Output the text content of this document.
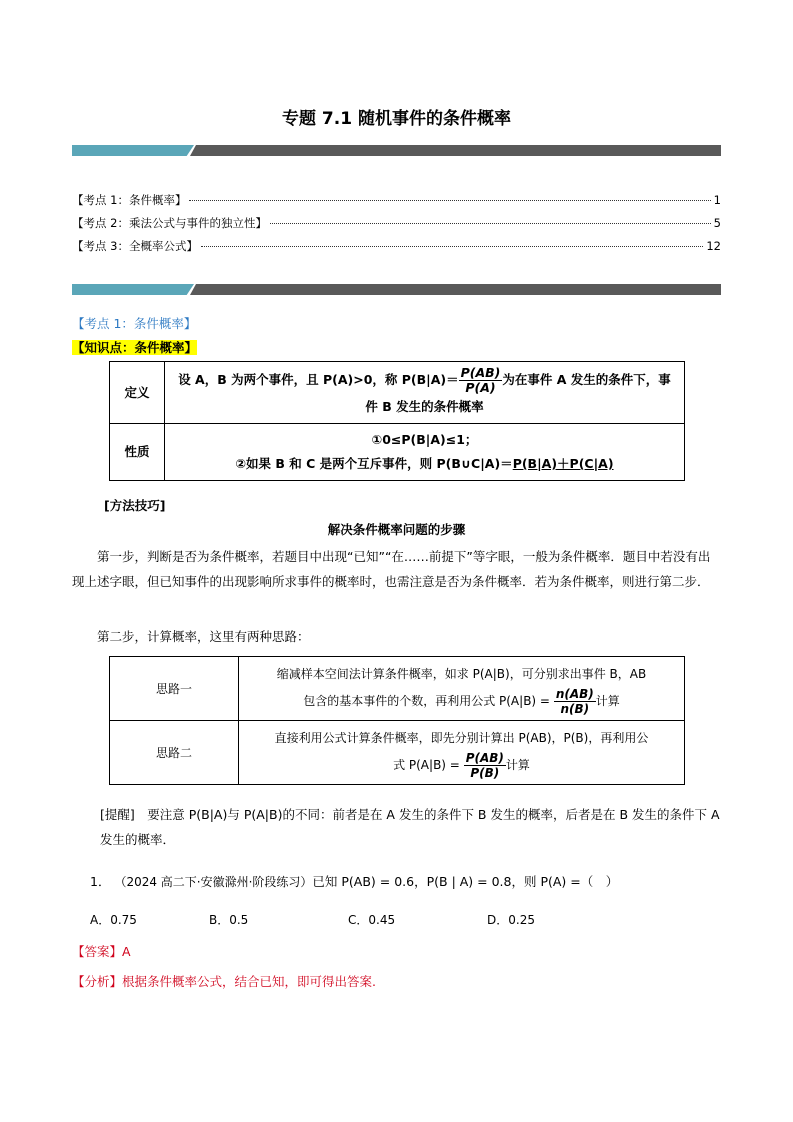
专题 7.1 随机事件的条件概率
【考点 1：条件概率】	1
【考点 2：乘法公式与事件的独立性】	5
【考点 3：全概率公式】	12
【考点 1：条件概率】
【知识点：条件概率】
定义	设 A，B 为两个事件，且 P(A)>0，称 $P(B|A)= \frac{P(AB)}{P(A)}$ 为在事件 A 发生的条件下，事
件 B 发生的条件概率
性质	①0≤P(B|A)≤1；
②如果 B 和 C 是两个互斥事件，则 P(B∪C|A)＝P(B|A)＋P(C|A)
[方法技巧]
解决条件概率问题的步骤
第一步，判断是否为条件概率，若题目中出现“已知”“在……前提下”等字眼，一般为条件概率．题目中若没有出现上述字眼，但已知事件的出现影响所求事件的概率时，也需注意是否为条件概率．若为条件概率，则进行第二步．
第二步，计算概率，这里有两种思路：
思路一	缩减样本空间法计算条件概率，如求 P(A|B)，可分别求出事件 B，AB
包含的基本事件的个数，再利用公式 $P(A|B) = \frac{n(AB)}{n(B)}$ 计算
思路二	直接利用公式计算条件概率，即先分别计算出 P(AB)，P(B)，再利用公
式 $P(A|B) = \frac{P(AB)}{P(B)}$ 计算
[提醒]　要注意 P(B|A)与 P(A|B)的不同：前者是在 A 发生的条件下 B 发生的概率，后者是在 B 发生的条件下 A 发生的概率．
1． （2024 高二下·安徽滁州·阶段练习）已知 P(AB) = 0.6，P(B | A) = 0.8，则 P(A) =（　）
A．0.75	B．0.5	C．0.45	D．0.25
【答案】A
【分析】根据条件概率公式，结合已知，即可得出答案.
